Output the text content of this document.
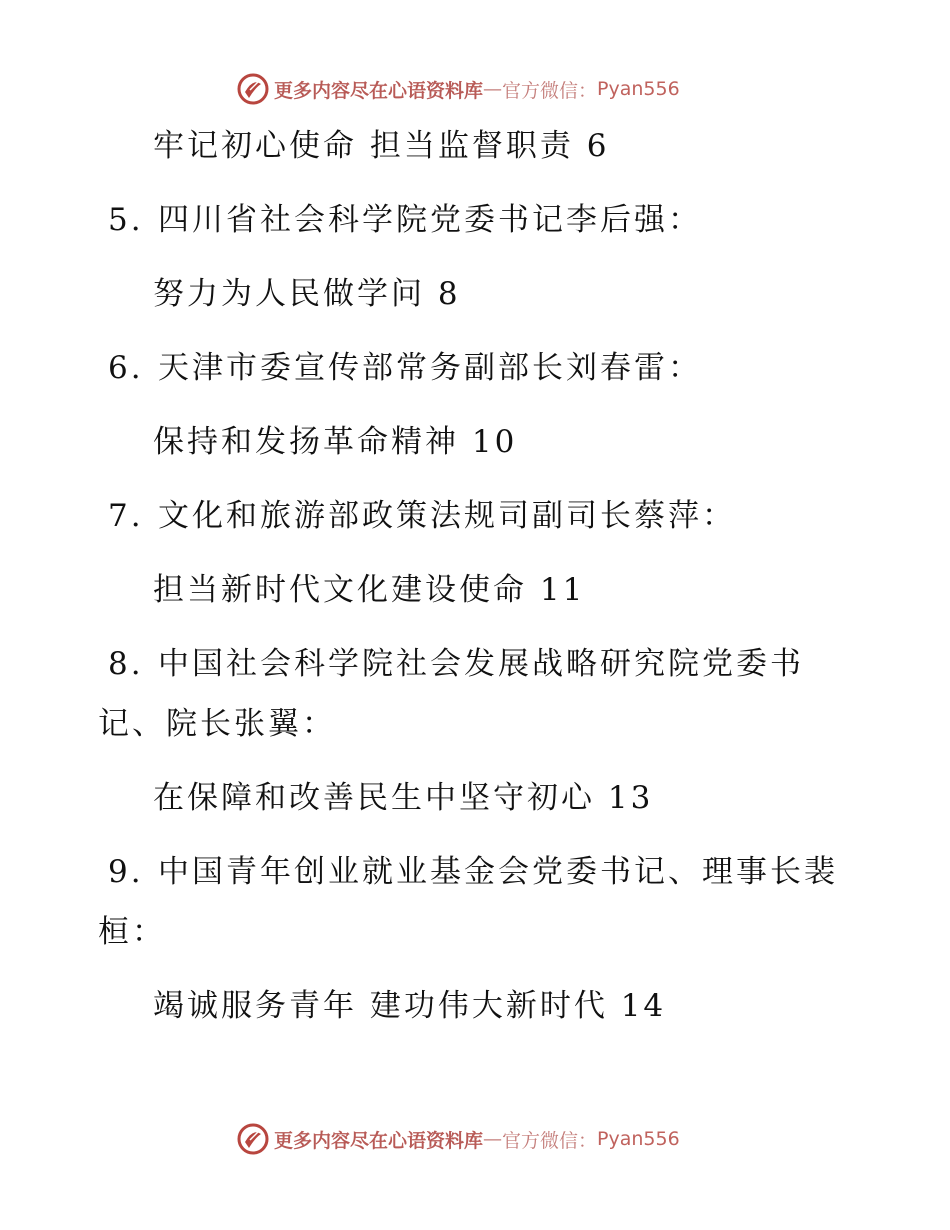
更多内容尽在心语资料库 — 官方微信： Pyan556
牢记初心使命 担当监督职责 6
5. 四川省社会科学院党委书记李后强：
努力为人民做学问 8
6. 天津市委宣传部常务副部长刘春雷：
保持和发扬革命精神 10
7. 文化和旅游部政策法规司副司长蔡萍：
担当新时代文化建设使命 11
8. 中国社会科学院社会发展战略研究院党委书
记、院长张翼：
在保障和改善民生中坚守初心 13
9. 中国青年创业就业基金会党委书记、理事长裴
桓：
竭诚服务青年 建功伟大新时代 14
更多内容尽在心语资料库 — 官方微信： Pyan556
